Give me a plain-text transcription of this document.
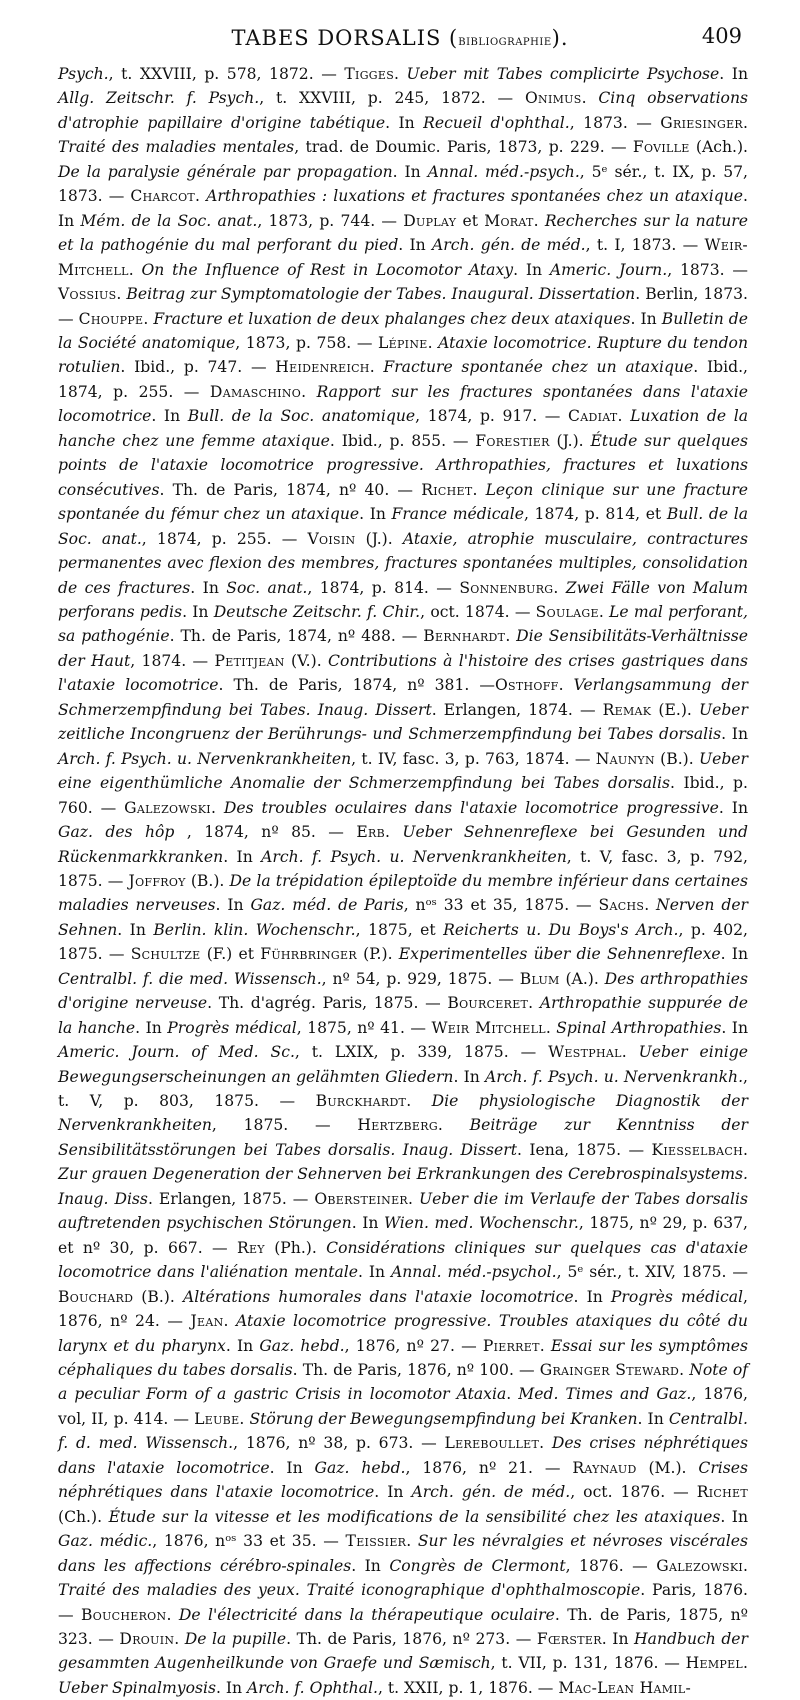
TABES DORSALIS (bibliographie).	409

Psych., t. XXVIII, p. 578, 1872. — Tigges. Ueber mit Tabes complicirte Psychose. In Allg. Zeitschr. f. Psych., t. XXVIII, p. 245, 1872. — Onimus. Cinq observations d'atrophie papillaire d'origine tabétique. In Recueil d'ophthal., 1873. — Griesinger. Traité des maladies mentales, trad. de Doumic. Paris, 1873, p. 229. — Foville (Ach.). De la paralysie générale par propagation. In Annal. méd.-psych., 5ᵉ sér., t. IX, p. 57, 1873. — Charcot. Arthropathies : luxations et fractures spontanées chez un ataxique. In Mém. de la Soc. anat., 1873, p. 744. — Duplay et Morat. Recherches sur la nature et la pathogénie du mal perforant du pied. In Arch. gén. de méd., t. I, 1873. — Weir-Mitchell. On the Influence of Rest in Locomotor Ataxy. In Americ. Journ., 1873. — Vossius. Beitrag zur Symptomatologie der Tabes. Inaugural. Dissertation. Berlin, 1873. — Chouppe. Fracture et luxation de deux phalanges chez deux ataxiques. In Bulletin de la Société anatomique, 1873, p. 758. — Lépine. Ataxie locomotrice. Rupture du tendon rotulien. Ibid., p. 747. — Heidenreich. Fracture spontanée chez un ataxique. Ibid., 1874, p. 255. — Damaschino. Rapport sur les fractures spontanées dans l'ataxie locomotrice. In Bull. de la Soc. anatomique, 1874, p. 917. — Cadiat. Luxation de la hanche chez une femme ataxique. Ibid., p. 855. — Forestier (J.). Étude sur quelques points de l'ataxie locomotrice progressive. Arthropathies, fractures et luxations consécutives. Th. de Paris, 1874, nº 40. — Richet. Leçon clinique sur une fracture spontanée du fémur chez un ataxique. In France médicale, 1874, p. 814, et Bull. de la Soc. anat., 1874, p. 255. — Voisin (J.). Ataxie, atrophie musculaire, contractures permanentes avec flexion des membres, fractures spontanées multiples, consolidation de ces fractures. In Soc. anat., 1874, p. 814. — Sonnenburg. Zwei Fälle von Malum perforans pedis. In Deutsche Zeitschr. f. Chir., oct. 1874. — Soulage. Le mal perforant, sa pathogénie. Th. de Paris, 1874, nº 488. — Bernhardt. Die Sensibilitäts-Verhältnisse der Haut, 1874. — Petitjean (V.). Contributions à l'histoire des crises gastriques dans l'ataxie locomotrice. Th. de Paris, 1874, nº 381. —Osthoff. Verlangsammung der Schmerzempfindung bei Tabes. Inaug. Dissert. Erlangen, 1874. — Remak (E.). Ueber zeitliche Incongruenz der Berührungs- und Schmerzempfindung bei Tabes dorsalis. In Arch. f. Psych. u. Nervenkrankheiten, t. IV, fasc. 3, p. 763, 1874. — Naunyn (B.). Ueber eine eigenthümliche Anomalie der Schmerzempfindung bei Tabes dorsalis. Ibid., p. 760. — Galezowski. Des troubles oculaires dans l'ataxie locomotrice progressive. In Gaz. des hôp , 1874, nº 85. — Erb. Ueber Sehnenreflexe bei Gesunden und Rückenmarkkranken. In Arch. f. Psych. u. Nervenkrankheiten, t. V, fasc. 3, p. 792, 1875. — Joffroy (B.). De la trépidation épileptoïde du membre inférieur dans certaines maladies nerveuses. In Gaz. méd. de Paris, nᵒˢ 33 et 35, 1875. — Sachs. Nerven der Sehnen. In Berlin. klin. Wochenschr., 1875, et Reicherts u. Du Boys's Arch., p. 402, 1875. — Schultze (F.) et Führbringer (P.). Experimentelles über die Sehnenreflexe. In Centralbl. f. die med. Wissensch., nº 54, p. 929, 1875. — Blum (A.). Des arthropathies d'origine nerveuse. Th. d'agrég. Paris, 1875. — Bourceret. Arthropathie suppurée de la hanche. In Progrès médical, 1875, nº 41. — Weir Mitchell. Spinal Arthropathies. In Americ. Journ. of Med. Sc., t. LXIX, p. 339, 1875. — Westphal. Ueber einige Bewegungserscheinungen an gelähmten Gliedern. In Arch. f. Psych. u. Nervenkrankh., t. V, p. 803, 1875. — Burckhardt. Die physiologische Diagnostik der Nervenkrankheiten, 1875. — Hertzberg. Beiträge zur Kenntniss der Sensibilitätsstörungen bei Tabes dorsalis. Inaug. Dissert. Iena, 1875. — Kiesselbach. Zur grauen Degeneration der Sehnerven bei Erkrankungen des Cerebrospinalsystems. Inaug. Diss. Erlangen, 1875. — Obersteiner. Ueber die im Verlaufe der Tabes dorsalis auftretenden psychischen Störungen. In Wien. med. Wochenschr., 1875, nº 29, p. 637, et nº 30, p. 667. — Rey (Ph.). Considérations cliniques sur quelques cas d'ataxie locomotrice dans l'aliénation mentale. In Annal. méd.-psychol., 5ᵉ sér., t. XIV, 1875. — Bouchard (B.). Altérations humorales dans l'ataxie locomotrice. In Progrès médical, 1876, nº 24. — Jean. Ataxie locomotrice progressive. Troubles ataxiques du côté du larynx et du pharynx. In Gaz. hebd., 1876, nº 27. — Pierret. Essai sur les symptômes céphaliques du tabes dorsalis. Th. de Paris, 1876, nº 100. — Grainger Steward. Note of a peculiar Form of a gastric Crisis in locomotor Ataxia. Med. Times and Gaz., 1876, vol, II, p. 414. — Leube. Störung der Bewegungsempfindung bei Kranken. In Centralbl. f. d. med. Wissensch., 1876, nº 38, p. 673. — Lereboullet. Des crises néphrétiques dans l'ataxie locomotrice. In Gaz. hebd., 1876, nº 21. — Raynaud (M.). Crises néphrétiques dans l'ataxie locomotrice. In Arch. gén. de méd., oct. 1876. — Richet (Ch.). Étude sur la vitesse et les modifications de la sensibilité chez les ataxiques. In Gaz. médic., 1876, nᵒˢ 33 et 35. — Teissier. Sur les névralgies et névroses viscérales dans les affections cérébro-spinales. In Congrès de Clermont, 1876. — Galezowski. Traité des maladies des yeux. Traité iconographique d'ophthalmoscopie. Paris, 1876. — Boucheron. De l'électricité dans la thérapeutique oculaire. Th. de Paris, 1875, nº 323. — Drouin. De la pupille. Th. de Paris, 1876, nº 273. — Fœrster. In Handbuch der gesammten Augenheilkunde von Graefe und Sæmisch, t. VII, p. 131, 1876. — Hempel. Ueber Spinalmyosis. In Arch. f. Ophthal., t. XXII, p. 1, 1876. — Mac-Lean Hamil-
